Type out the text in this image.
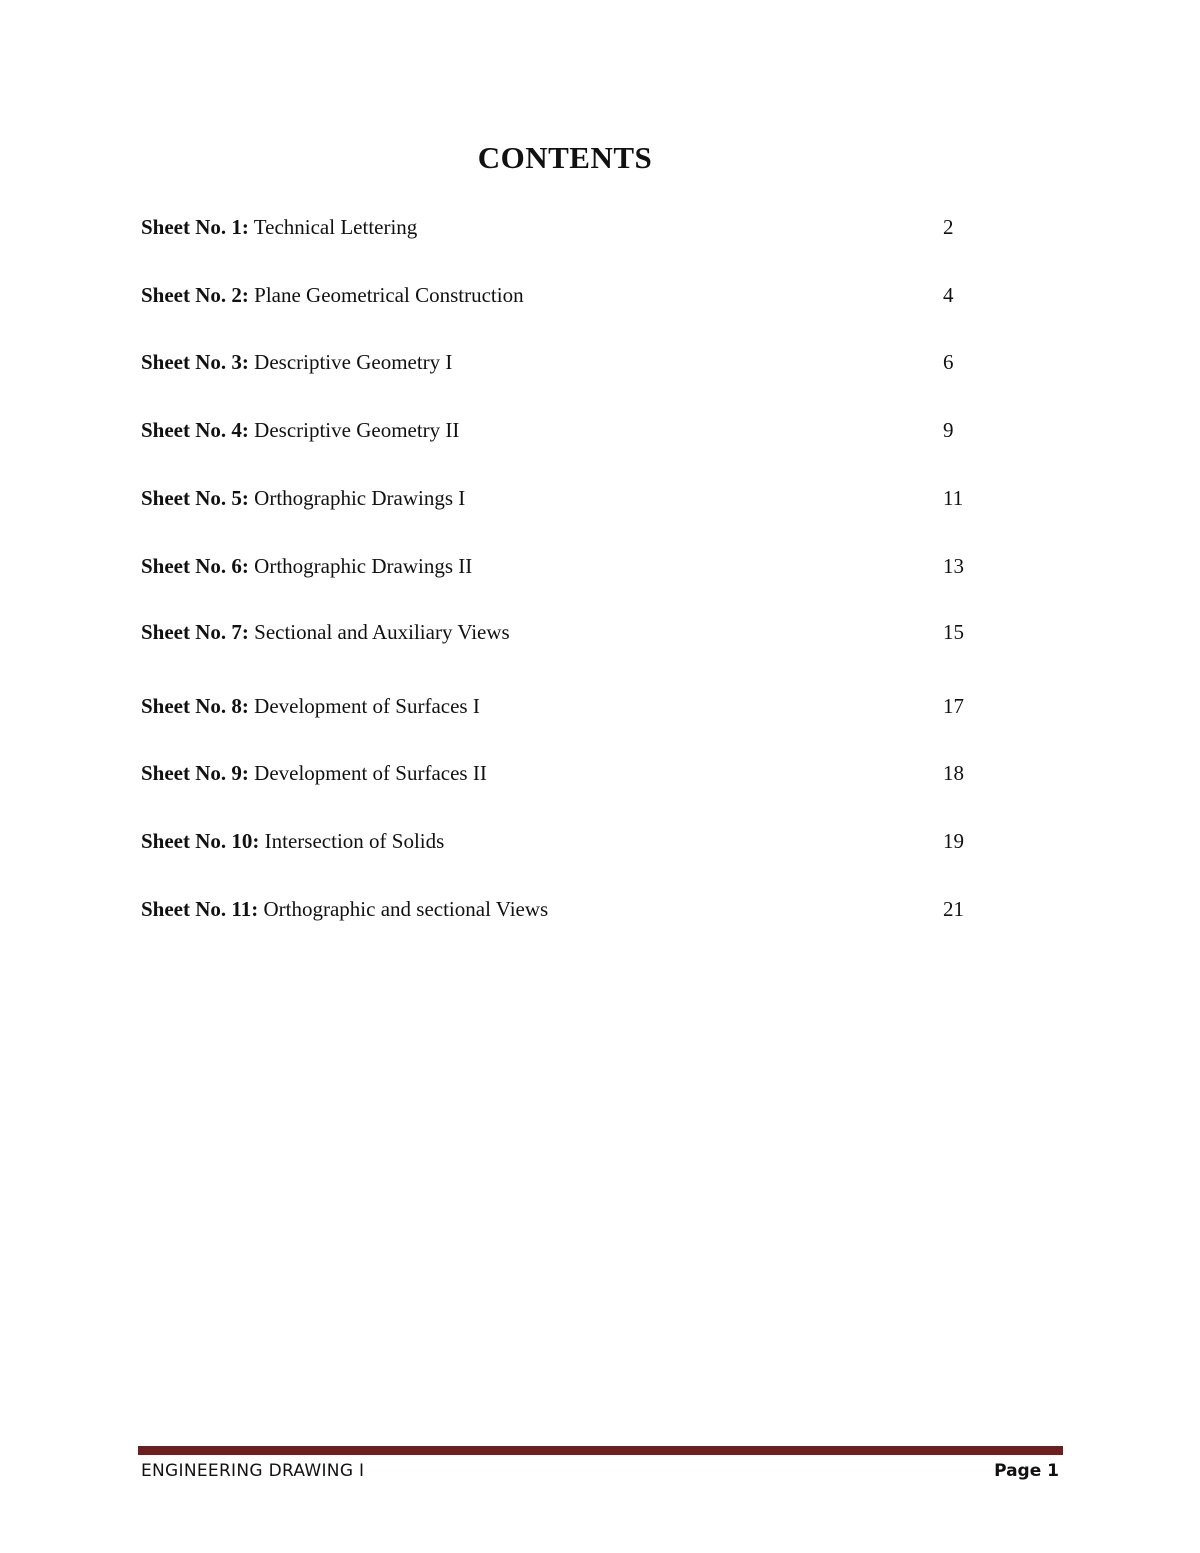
CONTENTS
Sheet No. 1: Technical Lettering	2
Sheet No. 2: Plane Geometrical Construction	4
Sheet No. 3: Descriptive Geometry I	6
Sheet No. 4: Descriptive Geometry II	9
Sheet No. 5: Orthographic Drawings I	11
Sheet No. 6: Orthographic Drawings II	13
Sheet No. 7: Sectional and Auxiliary Views	15
Sheet No. 8: Development of Surfaces I	17
Sheet No. 9: Development of Surfaces II	18
Sheet No. 10: Intersection of Solids	19
Sheet No. 11: Orthographic and sectional Views	21
ENGINEERING DRAWING I	Page 1
